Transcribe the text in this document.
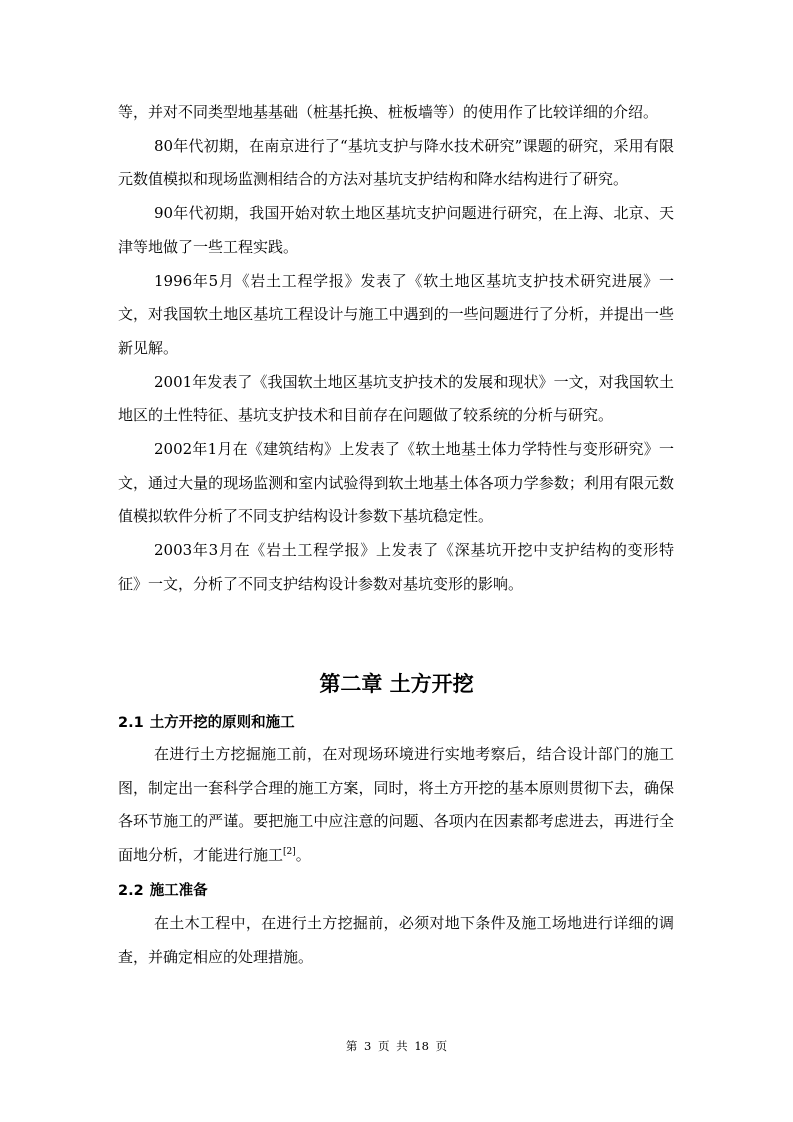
等，并对不同类型地基基础（桩基托换、桩板墙等）的使用作了比较详细的介绍。

80年代初期，在南京进行了“基坑支护与降水技术研究”课题的研究，采用有限元数值模拟和现场监测相结合的方法对基坑支护结构和降水结构进行了研究。

90年代初期，我国开始对软土地区基坑支护问题进行研究，在上海、北京、天津等地做了一些工程实践。

1996年5月《岩土工程学报》发表了《软土地区基坑支护技术研究进展》一文，对我国软土地区基坑工程设计与施工中遇到的一些问题进行了分析，并提出一些新见解。

2001年发表了《我国软土地区基坑支护技术的发展和现状》一文，对我国软土地区的土性特征、基坑支护技术和目前存在问题做了较系统的分析与研究。

2002年1月在《建筑结构》上发表了《软土地基土体力学特性与变形研究》一文，通过大量的现场监测和室内试验得到软土地基土体各项力学参数；利用有限元数值模拟软件分析了不同支护结构设计参数下基坑稳定性。

2003年3月在《岩土工程学报》上发表了《深基坑开挖中支护结构的变形特征》一文，分析了不同支护结构设计参数对基坑变形的影响。

第二章 土方开挖
2.1 土方开挖的原则和施工

在进行土方挖掘施工前，在对现场环境进行实地考察后，结合设计部门的施工图，制定出一套科学合理的施工方案，同时，将土方开挖的基本原则贯彻下去，确保各环节施工的严谨。要把施工中应注意的问题、各项内在因素都考虑进去，再进行全面地分析，才能进行施工[2]。

2.2 施工准备

在土木工程中，在进行土方挖掘前，必须对地下条件及施工场地进行详细的调查，并确定相应的处理措施。

第 3 页 共 18 页
